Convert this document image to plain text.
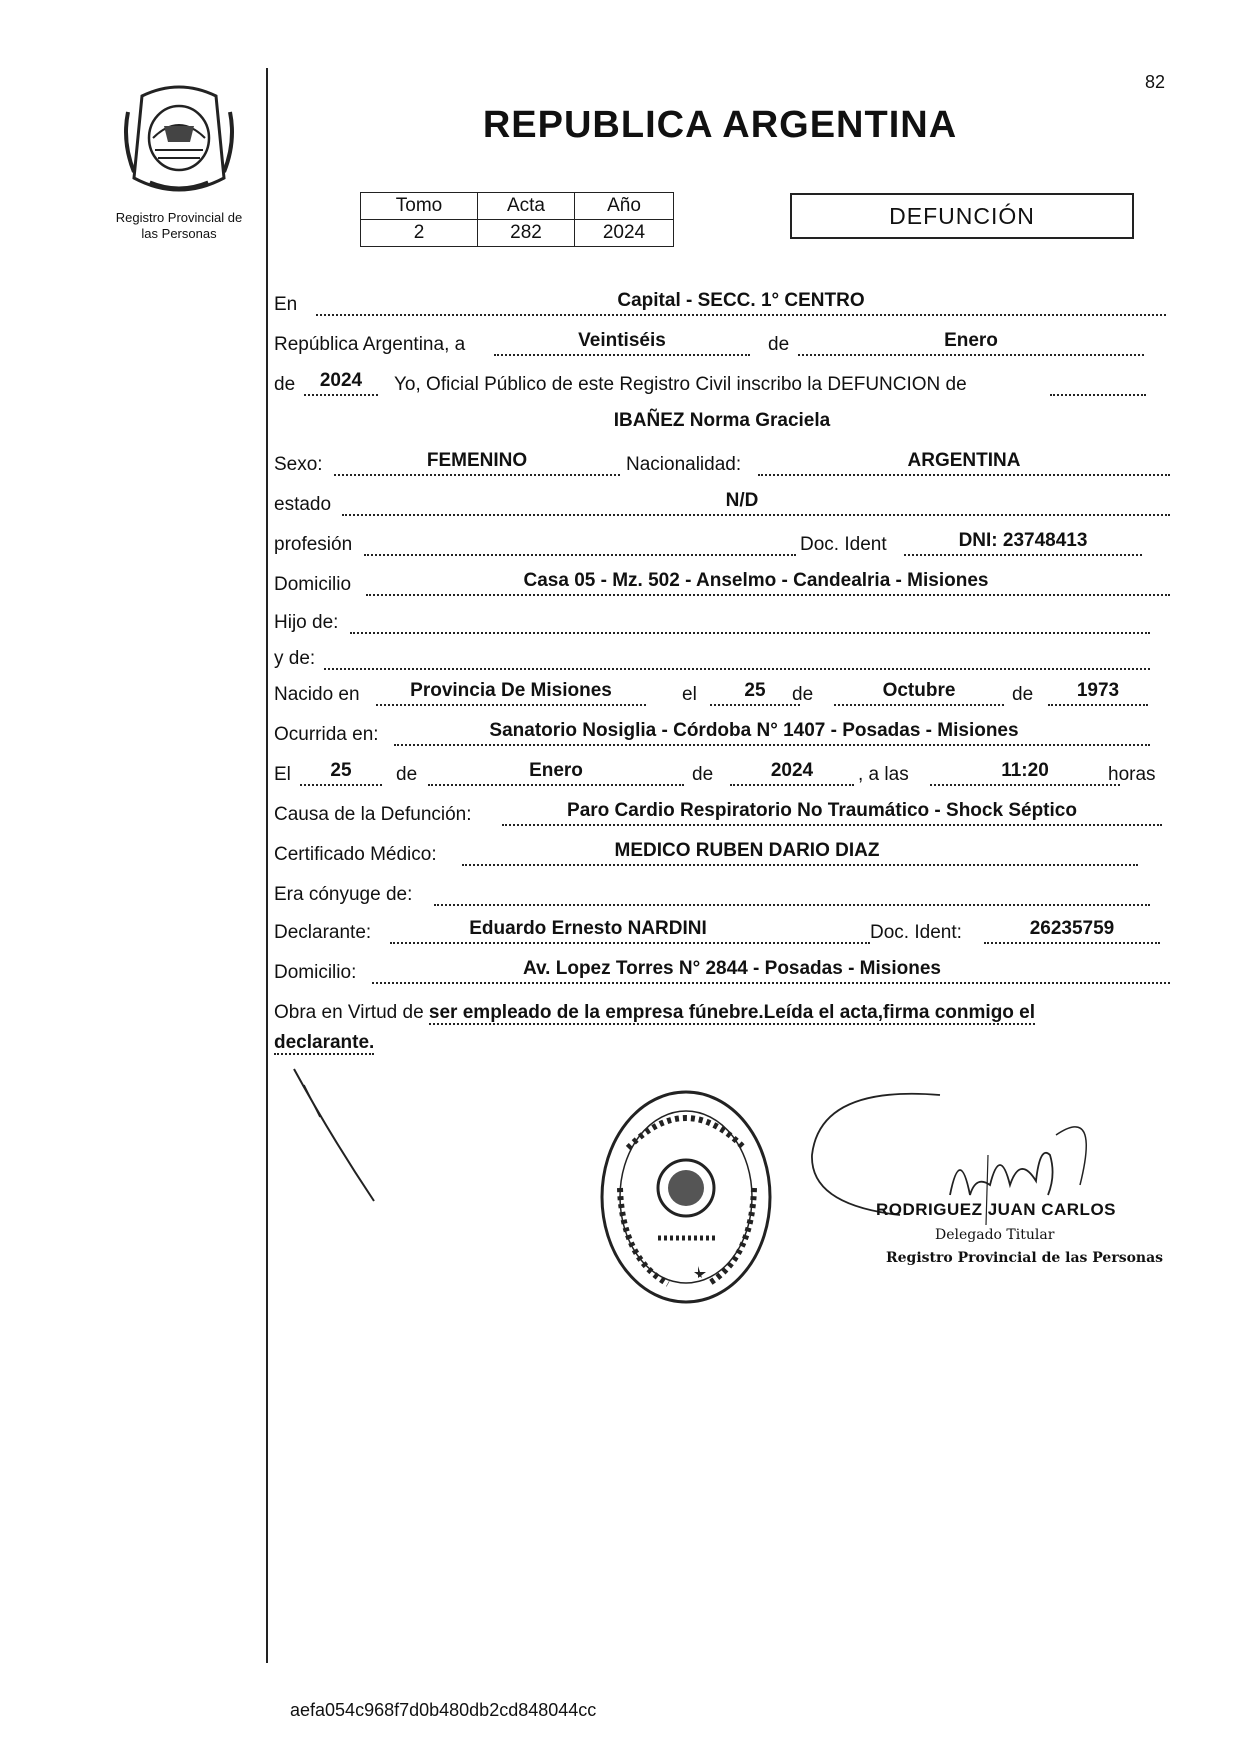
Registro Provincial de
las Personas
82
REPUBLICA ARGENTINA
Tomo	Acta	Año
2	282	2024
DEFUNCIÓN
En	Capital - SECC. 1° CENTRO
República Argentina, a	Veintiséis	de	Enero
de	2024	Yo, Oficial Público de este Registro Civil inscribo la DEFUNCION de
IBAÑEZ Norma Graciela
Sexo:	FEMENINO	Nacionalidad:	ARGENTINA
estado	N/D
profesión	Doc. Ident	DNI: 23748413
Domicilio	Casa 05 - Mz. 502 - Anselmo - Candealria - Misiones
Hijo de:
y de:
Nacido en	Provincia De Misiones	el	25	de	Octubre	de	1973
Ocurrida en:	Sanatorio Nosiglia - Córdoba N° 1407 - Posadas - Misiones
El	25	de	Enero	de	2024	, a las	11:20	horas
Causa de la Defunción:	Paro Cardio Respiratorio No Traumático - Shock Séptico
Certificado Médico:	MEDICO RUBEN DARIO DIAZ
Era cónyuge de:
Declarante:	Eduardo Ernesto NARDINI	Doc. Ident:	26235759
Domicilio:	Av. Lopez Torres N° 2844 - Posadas - Misiones
Obra en Virtud de ser empleado de la empresa fúnebre.Leída el acta,firma conmigo el
declarante.
RODRIGUEZ JUAN CARLOS
Delegado Titular
Registro Provincial de las Personas
aefa054c968f7d0b480db2cd848044cc
